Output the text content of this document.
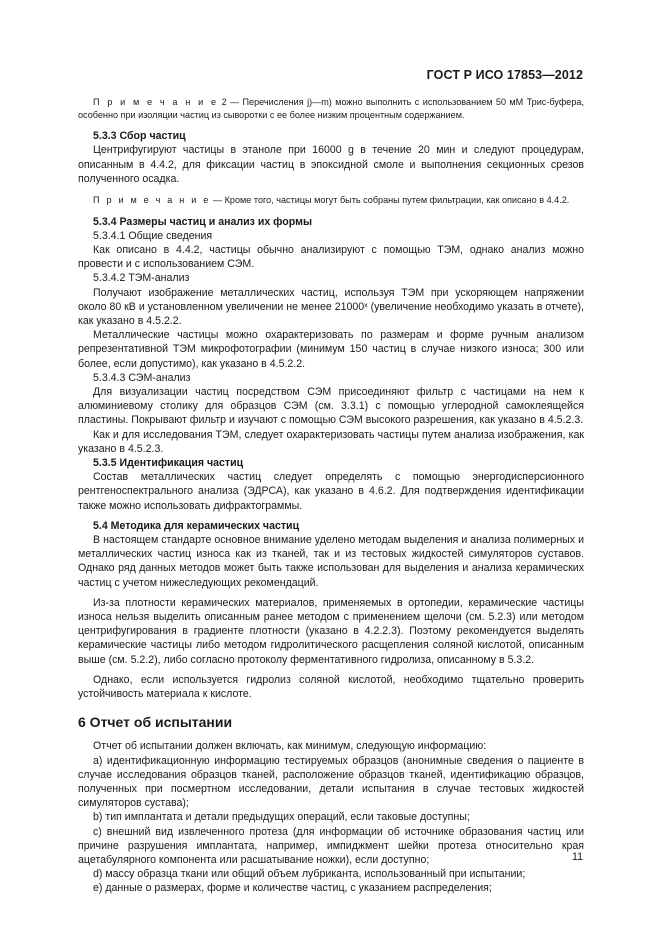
ГОСТ Р ИСО 17853—2012

П р и м е ч а н и е 2 — Перечисления j)—m) можно выполнить с использованием 50 мМ Трис-буфера, особенно при изоляции частиц из сыворотки с ее более низким процентным содержанием.

5.3.3 Сбор частиц

Центрифугируют частицы в этаноле при 16000 g в течение 20 мин и следуют процедурам, описанным в 4.4.2, для фиксации частиц в эпоксидной смоле и выполнения секционных срезов полученного осадка.

П р и м е ч а н и е — Кроме того, частицы могут быть собраны путем фильтрации, как описано в 4.4.2.

5.3.4 Размеры частиц и анализ их формы

5.3.4.1 Общие сведения

Как описано в 4.4.2, частицы обычно анализируют с помощью ТЭМ, однако анализ можно провести и с использованием СЭМ.

5.3.4.2 ТЭМ-анализ

Получают изображение металлических частиц, используя ТЭМ при ускоряющем напряжении около 80 кВ и установленном увеличении не менее 21000ˣ (увеличение необходимо указать в отчете), как указано в 4.5.2.2.

Металлические частицы можно охарактеризовать по размерам и форме ручным анализом репрезентативной ТЭМ микрофотографии (минимум 150 частиц в случае низкого износа; 300 или более, если допустимо), как указано в 4.5.2.2.

5.3.4.3 СЭМ-анализ

Для визуализации частиц посредством СЭМ присоединяют фильтр с частицами на нем к алюминиевому столику для образцов СЭМ (см. 3.3.1) с помощью углеродной самоклеящейся пластины. Покрывают фильтр и изучают с помощью СЭМ высокого разрешения, как указано в 4.5.2.3.

Как и для исследования ТЭМ, следует охарактеризовать частицы путем анализа изображения, как указано в 4.5.2.3.

5.3.5 Идентификация частиц

Состав металлических частиц следует определять с помощью энергодисперсионного рентгеноспектрального анализа (ЭДРСА), как указано в 4.6.2. Для подтверждения идентификации также можно использовать дифрактограммы.

5.4 Методика для керамических частиц

В настоящем стандарте основное внимание уделено методам выделения и анализа полимерных и металлических частиц износа как из тканей, так и из тестовых жидкостей симуляторов суставов. Однако ряд данных методов может быть также использован для выделения и анализа керамических частиц с учетом нижеследующих рекомендаций.

Из-за плотности керамических материалов, применяемых в ортопедии, керамические частицы износа нельзя выделить описанным ранее методом с применением щелочи (см. 5.2.3) или методом центрифугирования в градиенте плотности (указано в 4.2.2.3). Поэтому рекомендуется выделять керамические частицы либо методом гидролитического расщепления соляной кислотой, описанным выше (см. 5.2.2), либо согласно протоколу ферментативного гидролиза, описанному в 5.3.2.

Однако, если используется гидролиз соляной кислотой, необходимо тщательно проверить устойчивость материала к кислоте.

6 Отчет об испытании

Отчет об испытании должен включать, как минимум, следующую информацию:

a) идентификационную информацию тестируемых образцов (анонимные сведения о пациенте в случае исследования образцов тканей, расположение образцов тканей, идентификацию образцов, полученных при посмертном исследовании, детали испытания в случае тестовых жидкостей симуляторов сустава);

b) тип имплантата и детали предыдущих операций, если таковые доступны;

c) внешний вид извлеченного протеза (для информации об источнике образования частиц или причине разрушения имплантата, например, импиджмент шейки протеза относительно края ацетабулярного компонента или расшатывание ножки), если доступно;

d) массу образца ткани или общий объем лубриканта, использованный при испытании;

e) данные о размерах, форме и количестве частиц, с указанием распределения;

11
